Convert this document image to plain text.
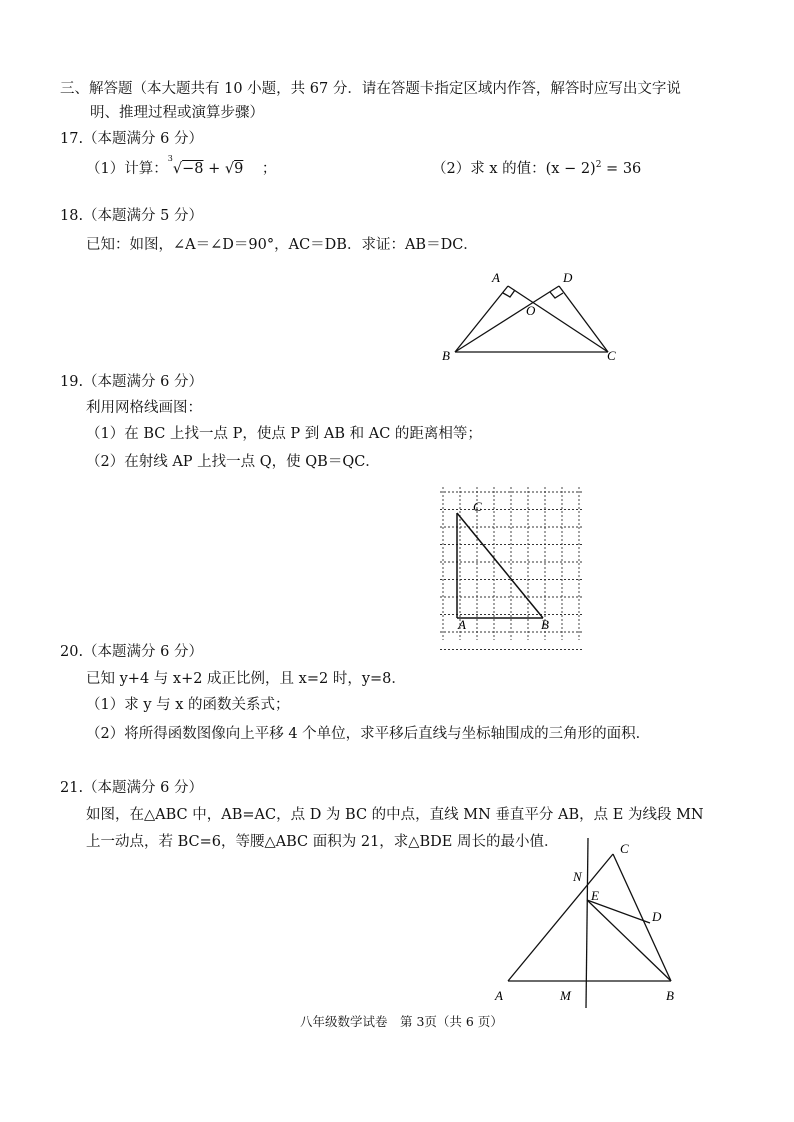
三、解答题（本大题共有 10 小题，共 67 分．请在答题卡指定区域内作答，解答时应写出文字说
明、推理过程或演算步骤）
17.（本题满分 6 分）
（1）计算：$^3$√−8 + √9 ；	（2）求 x 的值：$(x - 2)^2 = 36$
18.（本题满分 5 分）
已知：如图，∠A＝∠D＝90°，AC＝DB．求证：AB＝DC．
A	D
O
B	C
19.（本题满分 6 分）
利用网格线画图：
（1）在 BC 上找一点 P，使点 P 到 AB 和 AC 的距离相等；
（2）在射线 AP 上找一点 Q，使 QB＝QC．
C
A	B
20.（本题满分 6 分）
已知 y+4 与 x+2 成正比例，且 x=2 时，y=8．
（1）求 y 与 x 的函数关系式；
（2）将所得函数图像向上平移 4 个单位，求平移后直线与坐标轴围成的三角形的面积．
21.（本题满分 6 分）
如图，在△ABC 中，AB=AC，点 D 为 BC 的中点，直线 MN 垂直平分 AB，点 E 为线段 MN
上一动点，若 BC=6，等腰△ABC 面积为 21，求△BDE 周长的最小值．	C
N
E
D
A	M	B
八年级数学试卷　第 3页（共 6 页）
